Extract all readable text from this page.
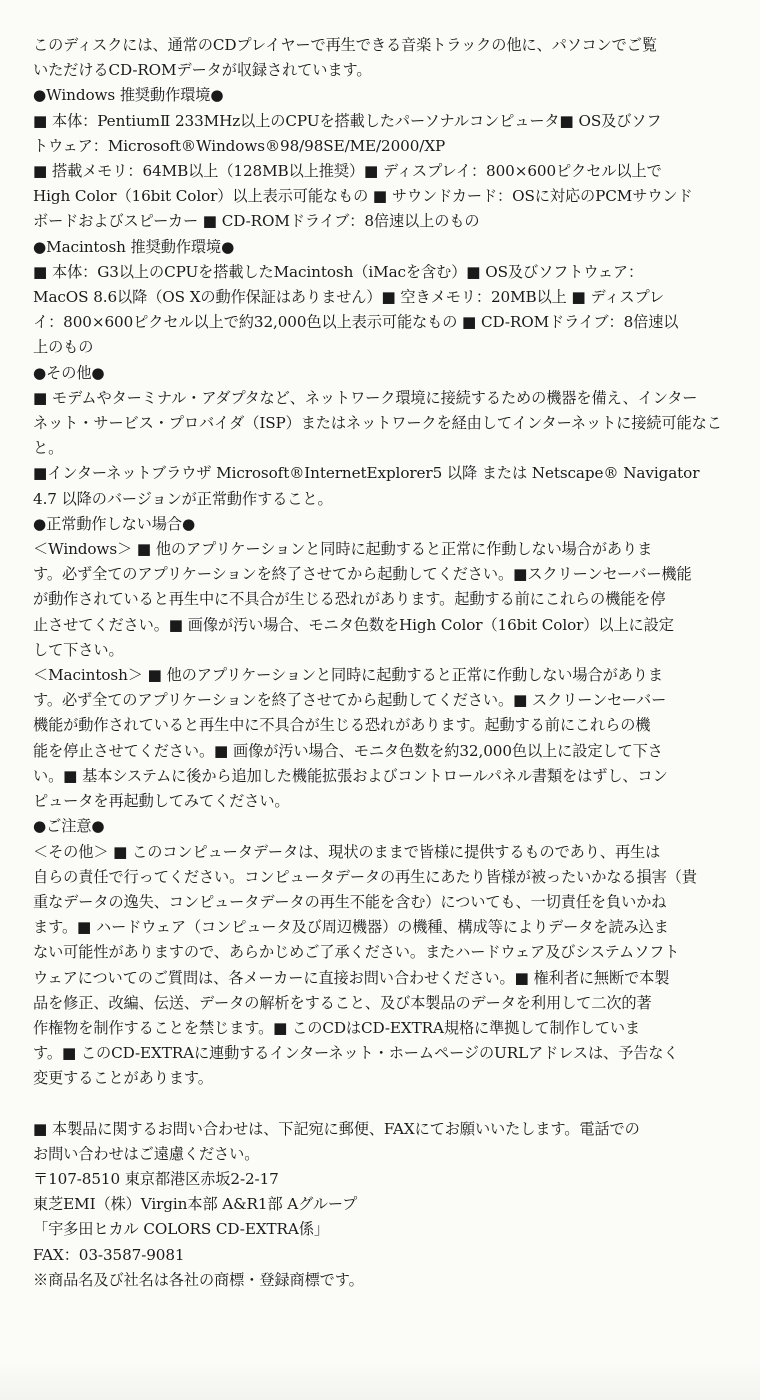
このディスクには、通常のCDプレイヤーで再生できる音楽トラックの他に、パソコンでご覧
いただけるCD-ROMデータが収録されています。

●Windows 推奨動作環境●

■ 本体：PentiumⅡ 233MHz以上のCPUを搭載したパーソナルコンピュータ■ OS及びソフ
トウェア：Microsoft®Windows®98/98SE/ME/2000/XP
■ 搭載メモリ：64MB以上（128MB以上推奨）■ ディスプレイ：800×600ピクセル以上で
High Color（16bit Color）以上表示可能なもの ■ サウンドカード：OSに対応のPCMサウンド
ボードおよびスピーカー ■ CD-ROMドライブ：8倍速以上のもの

●Macintosh 推奨動作環境●

■ 本体：G3以上のCPUを搭載したMacintosh（iMacを含む）■ OS及びソフトウェア：
MacOS 8.6以降（OS Xの動作保証はありません）■ 空きメモリ：20MB以上 ■ ディスプレ
イ：800×600ピクセル以上で約32,000色以上表示可能なもの ■ CD-ROMドライブ：8倍速以
上のもの

●その他●

■ モデムやターミナル・アダプタなど、ネットワーク環境に接続するための機器を備え、インター
ネット・サービス・プロバイダ（ISP）またはネットワークを経由してインターネットに接続可能なこと。
■インターネットブラウザ Microsoft®InternetExplorer5 以降 または Netscape® Navigator
4.7 以降のバージョンが正常動作すること。

●正常動作しない場合●

＜Windows＞ ■ 他のアプリケーションと同時に起動すると正常に作動しない場合がありま
す。必ず全てのアプリケーションを終了させてから起動してください。■スクリーンセーバー機能
が動作されていると再生中に不具合が生じる恐れがあります。起動する前にこれらの機能を停
止させてください。■ 画像が汚い場合、モニタ色数をHigh Color（16bit Color）以上に設定
して下さい。

＜Macintosh＞ ■ 他のアプリケーションと同時に起動すると正常に作動しない場合がありま
す。必ず全てのアプリケーションを終了させてから起動してください。■ スクリーンセーバー
機能が動作されていると再生中に不具合が生じる恐れがあります。起動する前にこれらの機
能を停止させてください。■ 画像が汚い場合、モニタ色数を約32,000色以上に設定して下さ
い。■ 基本システムに後から追加した機能拡張およびコントロールパネル書類をはずし、コン
ピュータを再起動してみてください。

●ご注意●

＜その他＞ ■ このコンピュータデータは、現状のままで皆様に提供するものであり、再生は
自らの責任で行ってください。コンピュータデータの再生にあたり皆様が被ったいかなる損害（貴
重なデータの逸失、コンピュータデータの再生不能を含む）についても、一切責任を負いかね
ます。■ ハードウェア（コンピュータ及び周辺機器）の機種、構成等によりデータを読み込ま
ない可能性がありますので、あらかじめご了承ください。またハードウェア及びシステムソフト
ウェアについてのご質問は、各メーカーに直接お問い合わせください。■ 権利者に無断で本製
品を修正、改編、伝送、データの解析をすること、及び本製品のデータを利用して二次的著
作権物を制作することを禁じます。■ このCDはCD-EXTRA規格に準拠して制作していま
す。■ このCD-EXTRAに連動するインターネット・ホームページのURLアドレスは、予告なく
変更することがあります。

■ 本製品に関するお問い合わせは、下記宛に郵便、FAXにてお願いいたします。電話での
お問い合わせはご遠慮ください。

〒107-8510 東京都港区赤坂2-2-17

東芝EMI（株）Virgin本部 A&R1部 Aグループ

「宇多田ヒカル COLORS CD-EXTRA係」

FAX：03-3587-9081

※商品名及び社名は各社の商標・登録商標です。
